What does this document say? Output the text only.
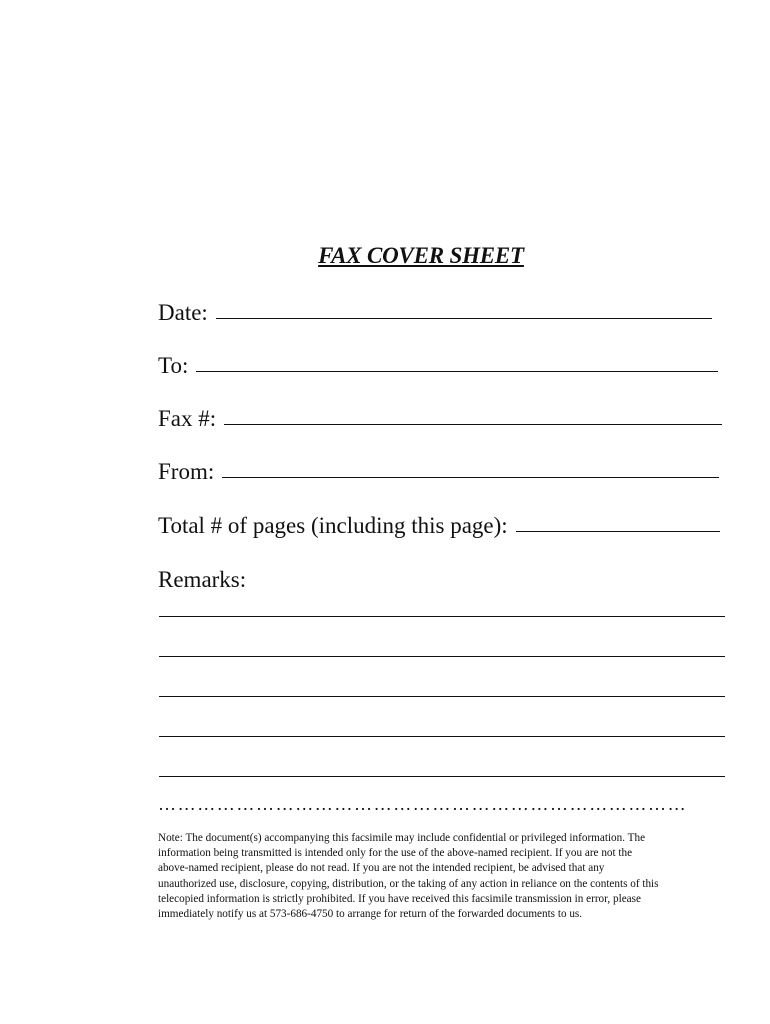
FAX COVER SHEET
Date:
To:
Fax #:
From:
Total # of pages (including this page):
Remarks:
………………………………………………………………………

Note: The document(s) accompanying this facsimile may include confidential or privileged information. The

information being transmitted is intended only for the use of the above-named recipient. If you are not the

above-named recipient, please do not read. If you are not the intended recipient, be advised that any

unauthorized use, disclosure, copying, distribution, or the taking of any action in reliance on the contents of this

telecopied information is strictly prohibited. If you have received this facsimile transmission in error, please

immediately notify us at 573-686-4750 to arrange for return of the forwarded documents to us.
